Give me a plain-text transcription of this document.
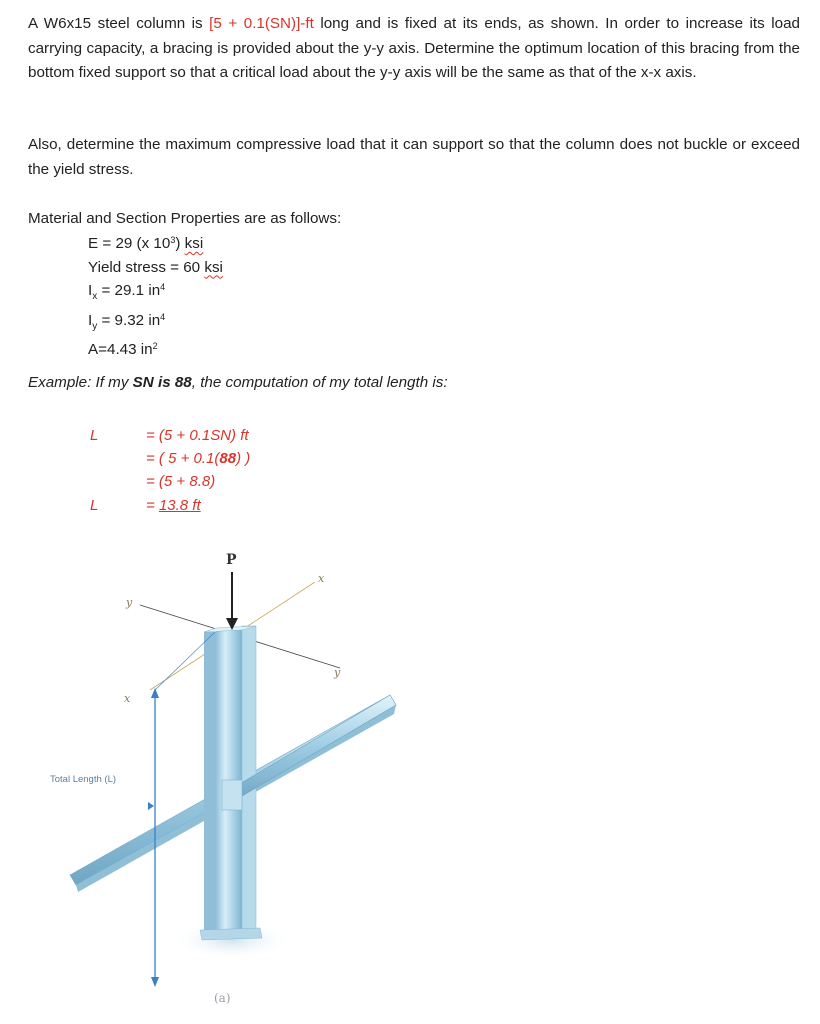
A W6x15 steel column is [5 + 0.1(SN)]-ft long and is fixed at its ends, as shown. In order to increase its load carrying capacity, a bracing is provided about the y-y axis. Determine the optimum location of this bracing from the bottom fixed support so that a critical load about the y-y axis will be the same as that of the x-x axis.

Also, determine the maximum compressive load that it can support so that the column does not buckle or exceed the yield stress.

Material and Section Properties are as follows:

E = 29 (x $10^3$) ksi
Yield stress = 60 ksi
$I_x = 29.1$ $in^4$
$I_y = 9.32$ $in^4$
A=4.43 $in^2$
Example: If my SN is 88, the computation of my total length is:
L
L
= (5 + 0.1SN) ft
= ( 5 + 0.1(88) )
= (5 + 8.8)
= 13.8 ft
P
x
y
y
x
Total Length (L)
(a)
